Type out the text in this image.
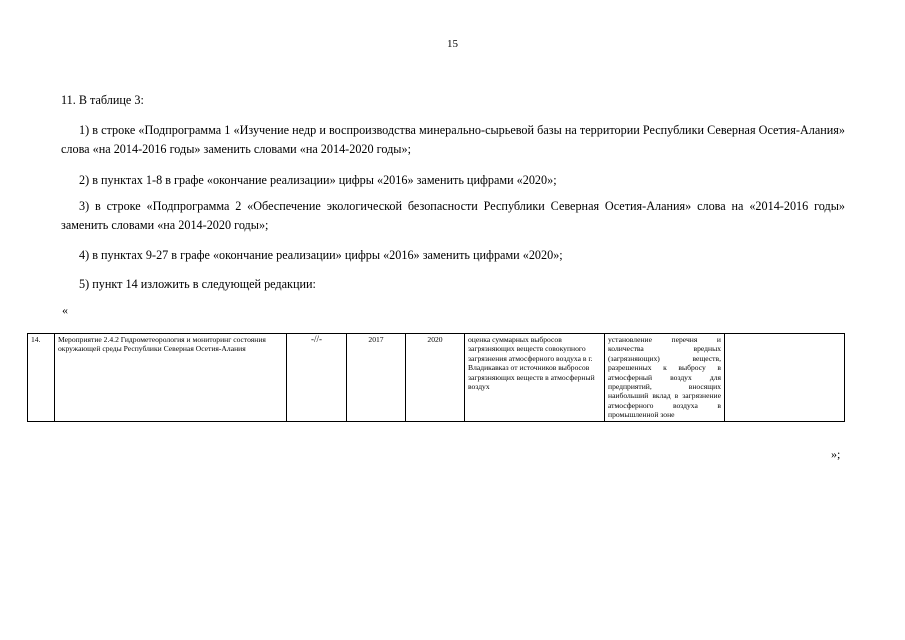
15
11. В таблице 3:
1) в строке «Подпрограмма 1 «Изучение недр и воспроизводства минерально-сырьевой базы на территории Республики Северная Осетия-Алания» слова «на 2014-2016 годы» заменить словами «на 2014-2020 годы»;
2) в пунктах 1-8 в графе «окончание реализации» цифры «2016» заменить цифрами «2020»;
3) в строке «Подпрограмма 2 «Обеспечение экологической безопасности Республики Северная Осетия-Алания» слова на «2014-2016 годы» заменить словами «на 2014-2020 годы»;
4) в пунктах 9-27 в графе «окончание реализации» цифры «2016» заменить цифрами «2020»;
5) пункт 14 изложить в следующей редакции:
«
14.	Мероприятие 2.4.2 Гидрометеорология и мониторинг состояния окружающей среды Республики Северная Осетия-Алания	-//-	2017	2020	оценка суммарных выбросов загрязняющих веществ совокупного загрязнения атмосферного воздуха в г. Владикавказ от источников выбросов загрязняющих веществ в атмосферный воздух	установление перечня и количества вредных (загрязняющих) веществ, разрешенных к выбросу в атмосферный воздух для предприятий, вносящих наибольший вклад в загрязнение атмосферного воздуха в промышленной зоне	
»;
